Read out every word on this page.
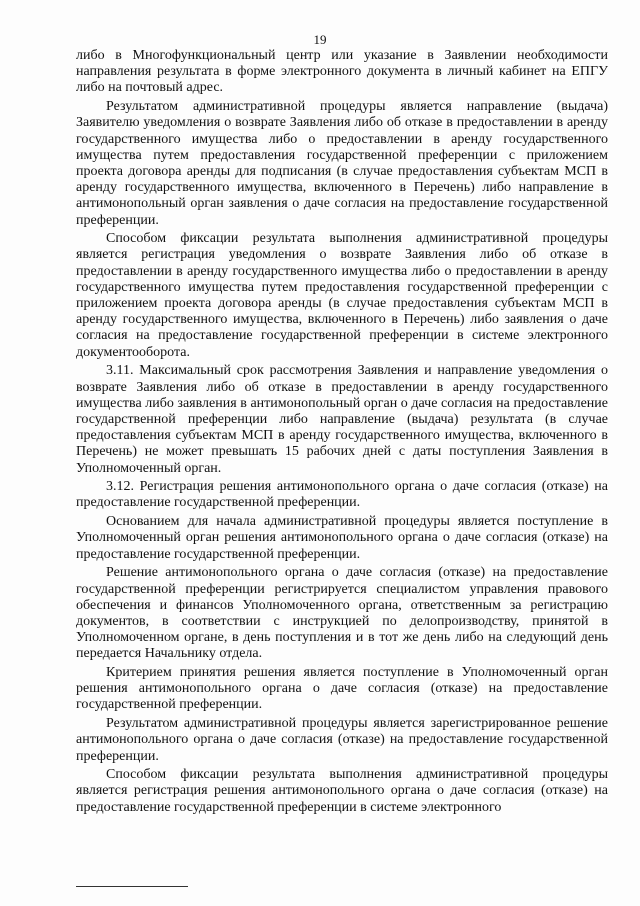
19

либо в Многофункциональный центр или указание в Заявлении необходимости направления результата в форме электронного документа в личный кабинет на ЕПГУ либо на почтовый адрес.

Результатом административной процедуры является направление (выдача) Заявителю уведомления о возврате Заявления либо об отказе в предоставлении в аренду государственного имущества либо о предоставлении в аренду государственного имущества путем предоставления государственной преференции с приложением проекта договора аренды для подписания (в случае предоставления субъектам МСП в аренду государственного имущества, включенного в Перечень) либо направление в антимонопольный орган заявления о даче согласия на предоставление государственной преференции.

Способом фиксации результата выполнения административной процедуры является регистрация уведомления о возврате Заявления либо об отказе в предоставлении в аренду государственного имущества либо о предоставлении в аренду государственного имущества путем предоставления государственной преференции с приложением проекта договора аренды (в случае предоставления субъектам МСП в аренду государственного имущества, включенного в Перечень) либо заявления о даче согласия на предоставление государственной преференции в системе электронного документооборота.

3.11. Максимальный срок рассмотрения Заявления и направление уведомления о возврате Заявления либо об отказе в предоставлении в аренду государственного имущества либо заявления в антимонопольный орган о даче согласия на предоставление государственной преференции либо направление (выдача) результата (в случае предоставления субъектам МСП в аренду государственного имущества, включенного в Перечень) не может превышать 15 рабочих дней с даты поступления Заявления в Уполномоченный орган.

3.12. Регистрация решения антимонопольного органа о даче согласия (отказе) на предоставление государственной преференции.

Основанием для начала административной процедуры является поступление в Уполномоченный орган решения антимонопольного органа о даче согласия (отказе) на предоставление государственной преференции.

Решение антимонопольного органа о даче согласия (отказе) на предоставление государственной преференции регистрируется специалистом управления правового обеспечения и финансов Уполномоченного органа, ответственным за регистрацию документов, в соответствии с инструкцией по делопроизводству, принятой в Уполномоченном органе, в день поступления и в тот же день либо на следующий день передается Начальнику отдела.

Критерием принятия решения является поступление в Уполномоченный орган решения антимонопольного органа о даче согласия (отказе) на предоставление государственной преференции.

Результатом административной процедуры является зарегистрированное решение антимонопольного органа о даче согласия (отказе) на предоставление государственной преференции.

Способом фиксации результата выполнения административной процедуры является регистрация решения антимонопольного органа о даче согласия (отказе) на предоставление государственной преференции в системе электронного
